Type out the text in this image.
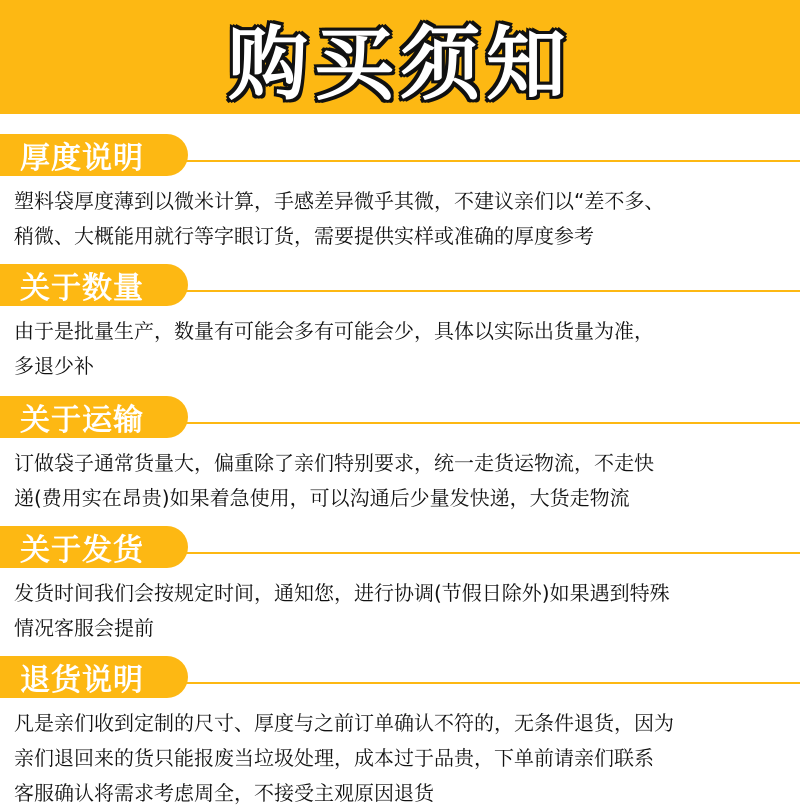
购买须知
厚度说明
塑料袋厚度薄到以微米计算，手感差异微乎其微，不建议亲们以“差不多、
稍微、大概能用就行等字眼订货，需要提供实样或准确的厚度参考
关于数量
由于是批量生产，数量有可能会多有可能会少，具体以实际出货量为准，
多退少补
关于运输
订做袋子通常货量大，偏重除了亲们特别要求，统一走货运物流，不走快
递(费用实在昂贵)如果着急使用，可以沟通后少量发快递，大货走物流
关于发货
发货时间我们会按规定时间，通知您，进行协调(节假日除外)如果遇到特殊
情况客服会提前
退货说明
凡是亲们收到定制的尺寸、厚度与之前订单确认不符的，无条件退货，因为
亲们退回来的货只能报废当垃圾处理，成本过于品贵，下单前请亲们联系
客服确认将需求考虑周全，不接受主观原因退货
